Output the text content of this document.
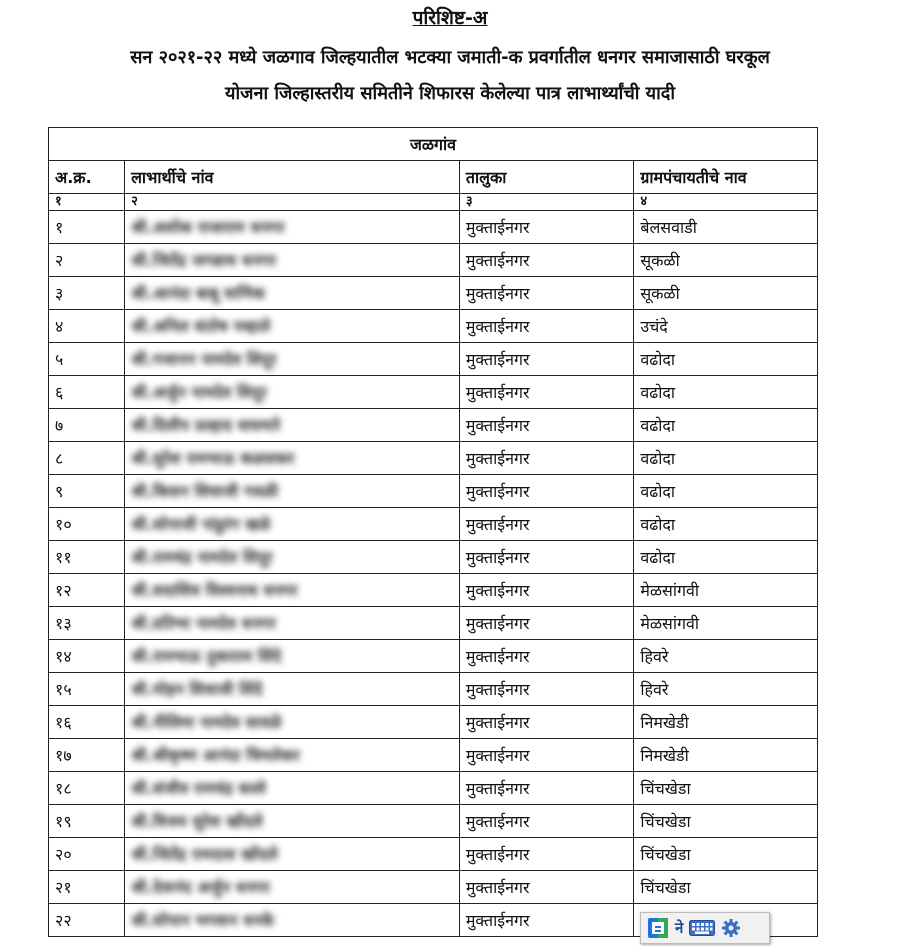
परिशिष्ट-अ
सन २०२१-२२ मध्ये जळगाव जिल्हयातील भटक्या जमाती-क प्रवर्गातील धनगर समाजासाठी घरकूल
योजना जिल्हास्तरीय समितीने शिफारस केलेल्या पात्र लाभार्थ्यांची यादी
जळगांव			
अ.क्र.	लाभार्थीचे नांव	तालुका	ग्रामपंचायतीचे नाव
१	२	३	४
१	श्री.अशोक राजाराम धनगर	मुक्ताईनगर	बेलसवाडी
२	श्री.जितेंद्र जगन्नाथ धनगर	मुक्ताईनगर	सूकळी
३	श्री.आनंदा बाबू वाणिक	मुक्ताईनगर	सूकळी
४	श्री.अनिल संतोष नम्हाले	मुक्ताईनगर	उचंदे
५	श्री.गजानन नामदेव शिदूर	मुक्ताईनगर	वढोदा
६	श्री.अर्जुन नामदेव शिदूर	मुक्ताईनगर	वढोदा
७	श्री.दिलीप प्रल्हाद वाघमारे	मुक्ताईनगर	वढोदा
८	श्री.सुरेश रामभाऊ कळसकर	मुक्ताईनगर	वढोदा
९	श्री.किसन शिवाजी गवळी	मुक्ताईनगर	वढोदा
१०	श्री.सोनाजी पांडुरंग खळे	मुक्ताईनगर	वढोदा
११	श्री.रामचंद्र नामदेव शिदूर	मुक्ताईनगर	वढोदा
१२	श्री.सदाशिव विश्वनाथ धनगर	मुक्ताईनगर	मेळसांगवी
१३	श्री.प्रतिभा नामदेव धनगर	मुक्ताईनगर	मेळसांगवी
१४	श्री.रामभाऊ तुकाराम शिंदे	मुक्ताईनगर	हिवरे
१५	श्री.मोहन शिवाजी शिंदे	मुक्ताईनगर	हिवरे
१६	श्री.नीलिमा नामदेव सावळे	मुक्ताईनगर	निमखेडी
१७	श्री.श्रीकृष्ण आनंदा चिमलेकर	मुक्ताईनगर	निमखेडी
१८	श्री.संजीव रामचंद्र कस्वे	मुक्ताईनगर	चिंचखेडा
१९	श्री.विजय सुरेश खोंदले	मुक्ताईनगर	चिंचखेडा
२०	श्री.जितेंद्र रामदास खोंदले	मुक्ताईनगर	चिंचखेडा
२१	श्री.देवानंद अर्जुन धनगर	मुक्ताईनगर	चिंचखेडा
२२	श्री.सोपान भगवान धनके	मुक्ताईनगर		ने
